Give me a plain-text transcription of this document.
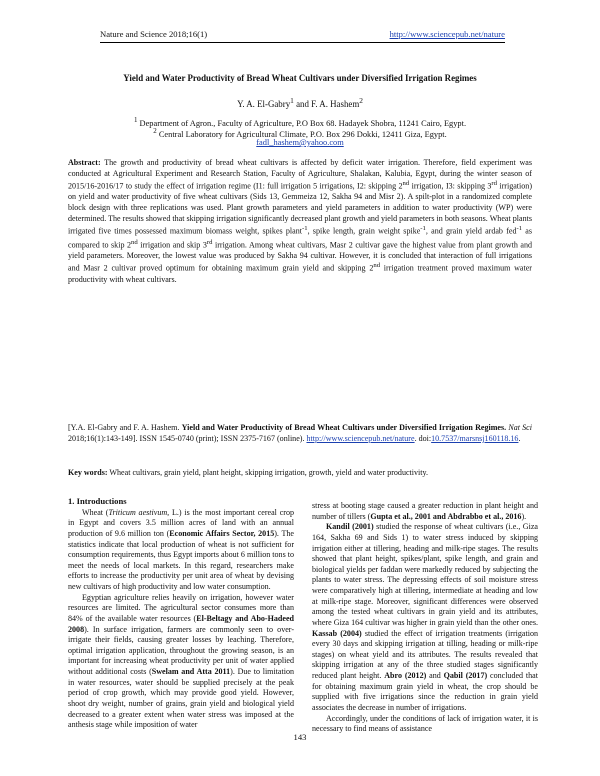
Nature and Science 2018;16(1)	http://www.sciencepub.net/nature
Yield and Water Productivity of Bread Wheat Cultivars under Diversified Irrigation Regimes
Y. A. El-Gabry$^1$ and F. A. Hashem$^2$
$^1$ Department of Agron., Faculty of Agriculture, P.O Box 68. Hadayek Shobra, 11241 Cairo, Egypt.
$^2$ Central Laboratory for Agricultural Climate, P.O. Box 296 Dokki, 12411 Giza, Egypt.
fadl_hashem@yahoo.com
Abstract: The growth and productivity of bread wheat cultivars is affected by deficit water irrigation. Therefore, field experiment was conducted at Agricultural Experiment and Research Station, Faculty of Agriculture, Shalakan, Kalubia, Egypt, during the winter season of 2015/16-2016/17 to study the effect of irrigation regime (I1: full irrigation 5 irrigations, I2: skipping 2nd irrigation, I3: skipping 3rd irrigation) on yield and water productivity of five wheat cultivars (Sids 13, Gemmeiza 12, Sakha 94 and Misr 2). A spilt-plot in a randomized complete block design with three replications was used. Plant growth parameters and yield parameters in addition to water productivity (WP) were determined. The results showed that skipping irrigation significantly decreased plant growth and yield parameters in both seasons. Wheat plants irrigated five times possessed maximum biomass weight, spikes plant$^{-1}$, spike length, grain weight spike$^{-1}$, and grain yield ardab fed$^{-1}$ as compared to skip 2nd irrigation and skip 3rd irrigation. Among wheat cultivars, Masr 2 cultivar gave the highest value from plant growth and yield parameters. Moreover, the lowest value was produced by Sakha 94 cultivar. However, it is concluded that interaction of full irrigations and Masr 2 cultivar proved optimum for obtaining maximum grain yield and skipping 2nd irrigation treatment proved maximum water productivity with wheat cultivars.
[Y.A. El-Gabry and F. A. Hashem. Yield and Water Productivity of Bread Wheat Cultivars under Diversified Irrigation Regimes. Nat Sci 2018;16(1):143-149]. ISSN 1545-0740 (print); ISSN 2375-7167 (online). http://www.sciencepub.net/nature. doi:10.7537/marsnsj160118.16.
Key words: Wheat cultivars, grain yield, plant height, skipping irrigation, growth, yield and water productivity.
1. Introductions

Wheat (Triticum aestivum, L.) is the most important cereal crop in Egypt and covers 3.5 million acres of land with an annual production of 9.6 million ton (Economic Affairs Sector, 2015). The statistics indicate that local production of wheat is not sufficient for consumption requirements, thus Egypt imports about 6 million tons to meet the needs of local markets. In this regard, researchers make efforts to increase the productivity per unit area of wheat by devising new cultivars of high productivity and low water consumption.

Egyptian agriculture relies heavily on irrigation, however water resources are limited. The agricultural sector consumes more than 84% of the available water resources (El-Beltagy and Abo-Hadeed 2008). In surface irrigation, farmers are commonly seen to over-irrigate their fields, causing greater losses by leaching. Therefore, optimal irrigation application, throughout the growing season, is an important for increasing wheat productivity per unit of water applied without additional costs (Swelam and Atta 2011). Due to limitation in water resources, water should be supplied precisely at the peak period of crop growth, which may provide good yield. However, shoot dry weight, number of grains, grain yield and biological yield decreased to a greater extent when water stress was imposed at the anthesis stage while imposition of water

stress at booting stage caused a greater reduction in plant height and number of tillers (Gupta et al., 2001 and Abdrabbo et al., 2016).

Kandil (2001) studied the response of wheat cultivars (i.e., Giza 164, Sakha 69 and Sids 1) to water stress induced by skipping irrigation either at tillering, heading and milk-ripe stages. The results showed that plant height, spikes/plant, spike length, and grain and biological yields per faddan were markedly reduced by subjecting the plants to water stress. The depressing effects of soil moisture stress were comparatively high at tillering, intermediate at heading and low at milk-ripe stage. Moreover, significant differences were observed among the tested wheat cultivars in grain yield and its attributes, where Giza 164 cultivar was higher in grain yield than the other ones. Kassab (2004) studied the effect of irrigation treatments (irrigation every 30 days and skipping irrigation at tilling, heading or milk-ripe stages) on wheat yield and its attributes. The results revealed that skipping irrigation at any of the three studied stages significantly reduced plant height. Abro (2012) and Qabil (2017) concluded that for obtaining maximum grain yield in wheat, the crop should be supplied with five irrigations since the reduction in grain yield associates the decrease in number of irrigations.

Accordingly, under the conditions of lack of irrigation water, it is necessary to find means of assistance

143
